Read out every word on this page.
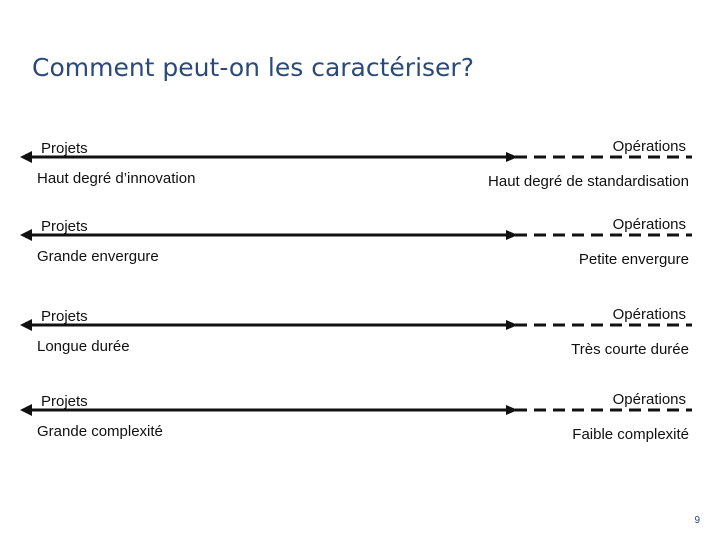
Comment peut-on les caractériser?
Projets	Opérations
Haut degré d’innovation	Haut degré de standardisation
Projets	Opérations
Grande envergure	Petite envergure
Projets	Opérations
Longue durée	Très courte durée
Projets	Opérations
Grande complexité	Faible complexité
9
